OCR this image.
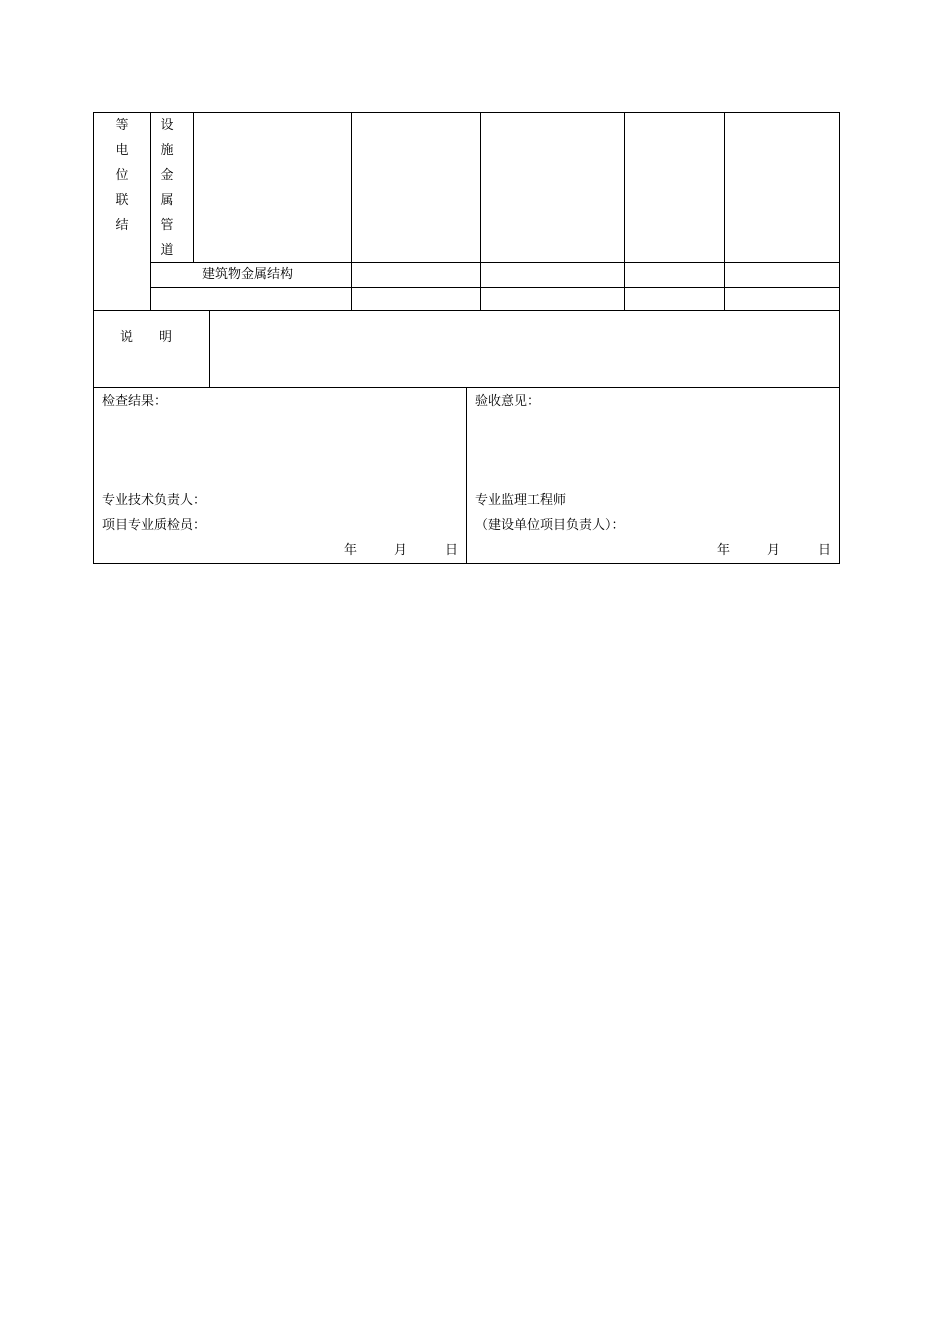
等
电
位
联
结
设
施
金
属
管
道
建筑物金属结构
说　　明
检查结果：
专业技术负责人：
项目专业质检员：
年	月	日
验收意见：
专业监理工程师
（建设单位项目负责人）：
年	月	日
